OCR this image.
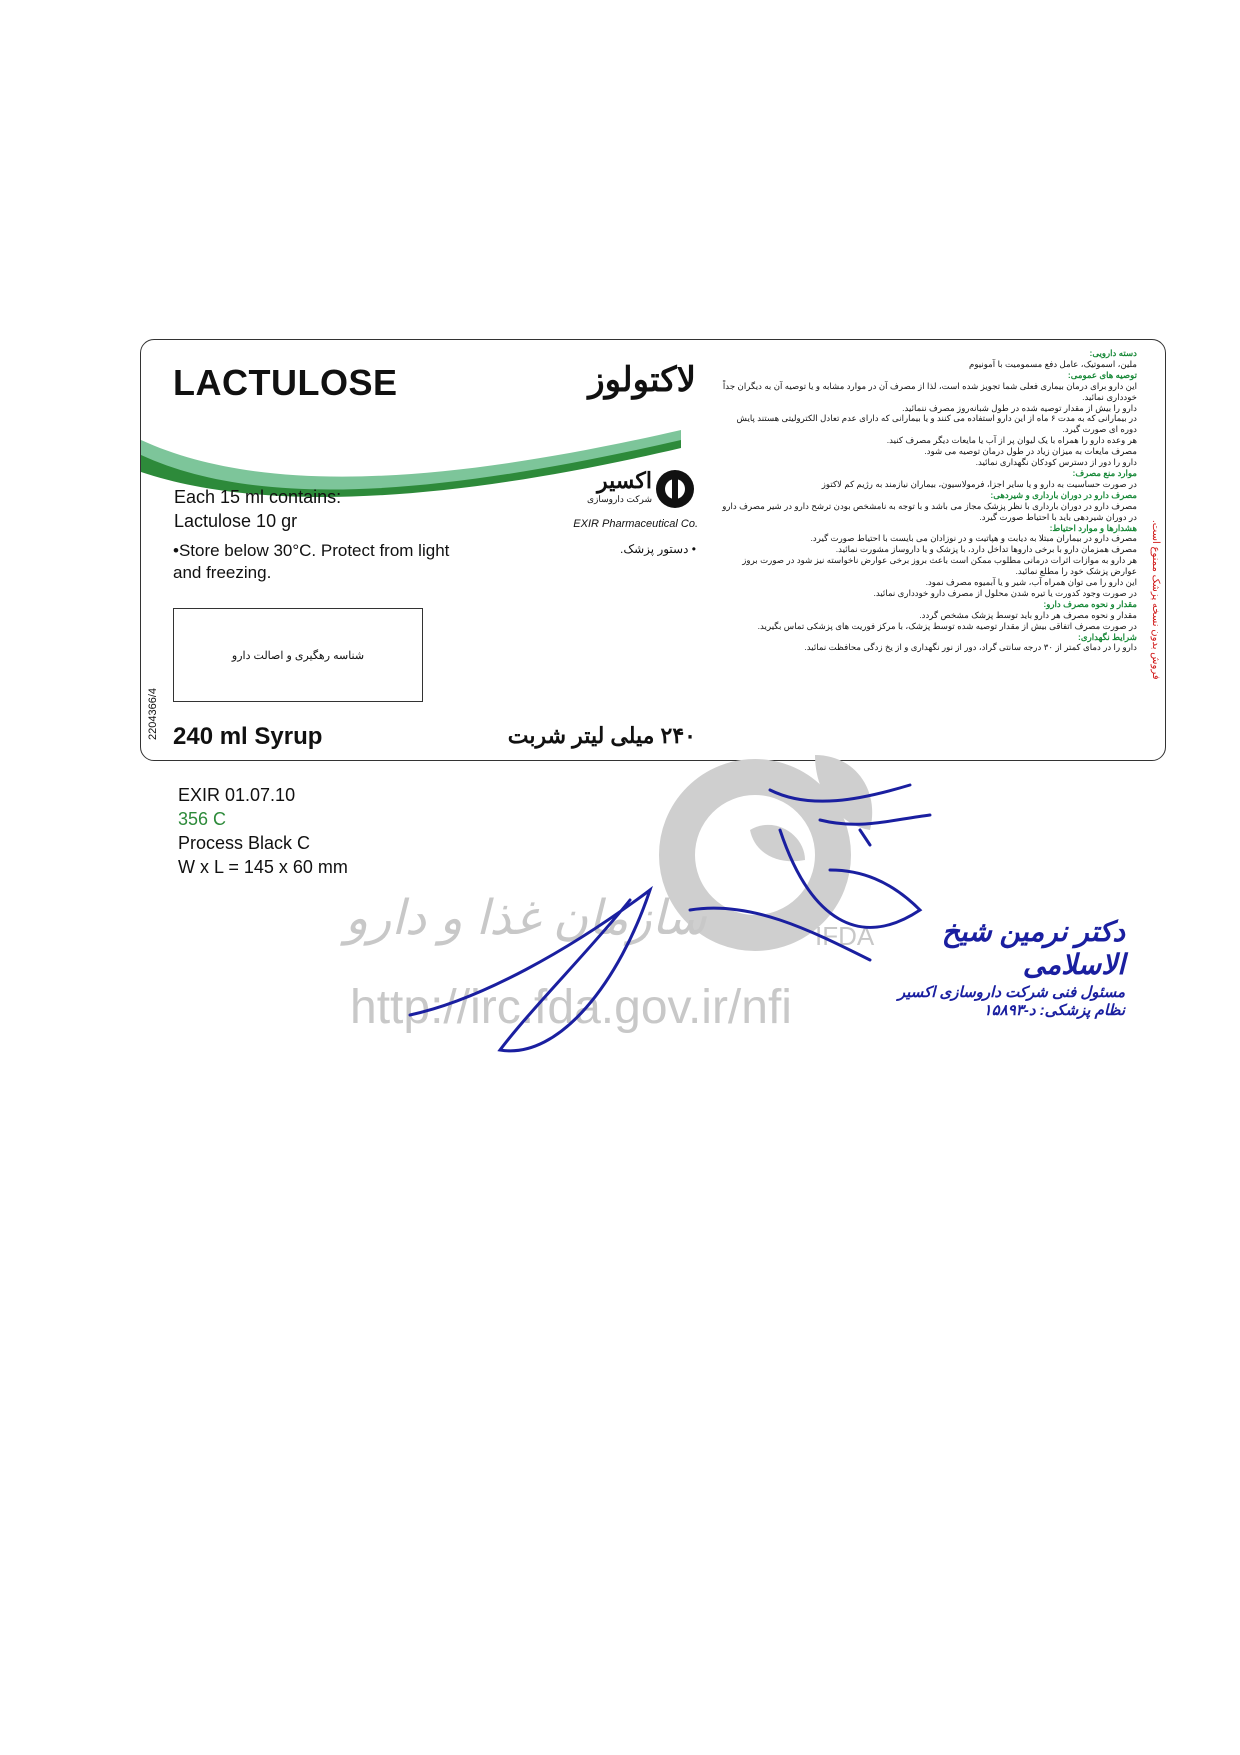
LACTULOSE	لاکتولوز
اکسیر
شرکت داروسازی
EXIR Pharmaceutical Co.
Each 15 ml contains:
Lactulose 10 gr
•Store below 30°C. Protect from light and freezing.
• دستور پزشک.
شناسه رهگیری و اصالت دارو
2204366/4 240 ml Syrup	۲۴۰ میلی لیتر شربت
دسته دارویی:
ملین، اسموتیک، عامل دفع مسمومیت با آمونیوم
توصیه های عمومی:
این دارو برای درمان بیماری فعلی شما تجویز شده است، لذا از مصرف آن در موارد مشابه و یا توصیه آن به دیگران جداً خودداری نمائید.
دارو را بیش از مقدار توصیه شده در طول شبانه‌روز مصرف ننمائید.
در بیمارانی که به مدت ۶ ماه از این دارو استفاده می کنند و یا بیمارانی که دارای عدم تعادل الکترولیتی هستند پایش دوره ای صورت گیرد.
هر وعده دارو را همراه با یک لیوان پر از آب یا مایعات دیگر مصرف کنید.
مصرف مایعات به میزان زیاد در طول درمان توصیه می شود.
دارو را دور از دسترس کودکان نگهداری نمائید.
موارد منع مصرف:
در صورت حساسیت به دارو و یا سایر اجزا، فرمولاسیون، بیماران نیازمند به رژیم کم لاکتوز
مصرف دارو در دوران بارداری و شیردهی:
مصرف دارو در دوران بارداری با نظر پزشک مجاز می باشد و با توجه به نامشخص بودن ترشح دارو در شیر مصرف دارو در دوران شیردهی باید با احتیاط صورت گیرد.
هشدارها و موارد احتیاط:
مصرف دارو در بیماران مبتلا به دیابت و هپاتیت و در نوزادان می بایست با احتیاط صورت گیرد.
مصرف همزمان دارو با برخی داروها تداخل دارد، با پزشک و یا داروساز مشورت نمائید.
هر دارو به موازات اثرات درمانی مطلوب ممکن است باعث بروز برخی عوارض ناخواسته نیز شود در صورت بروز عوارض پزشک خود را مطلع نمائید.
این دارو را می توان همراه آب، شیر و یا آبمیوه مصرف نمود.
در صورت وجود کدورت یا تیره شدن محلول از مصرف دارو خودداری نمائید.
مقدار و نحوه مصرف دارو:
مقدار و نحوه مصرف هر دارو باید توسط پزشک مشخص گردد.
در صورت مصرف اتفاقی بیش از مقدار توصیه شده توسط پزشک، با مرکز فوریت های پزشکی تماس بگیرید.
شرایط نگهداری:
دارو را در دمای کمتر از ۳۰ درجه سانتی گراد، دور از نور نگهداری و از یخ زدگی محافظت نمائید.	فروش بدون نسخه پزشک ممنوع است.
EXIR 01.07.10
356 C
Process Black C
W x L = 145 x 60 mm
IFDA
سازمان غذا و دارو
http://irc.fda.gov.ir/nfi
دکتر نرمین شیخ الاسلامی
مسئول فنی شرکت داروسازی اکسیر
نظام پزشکی: د-۱۵۸۹۳
